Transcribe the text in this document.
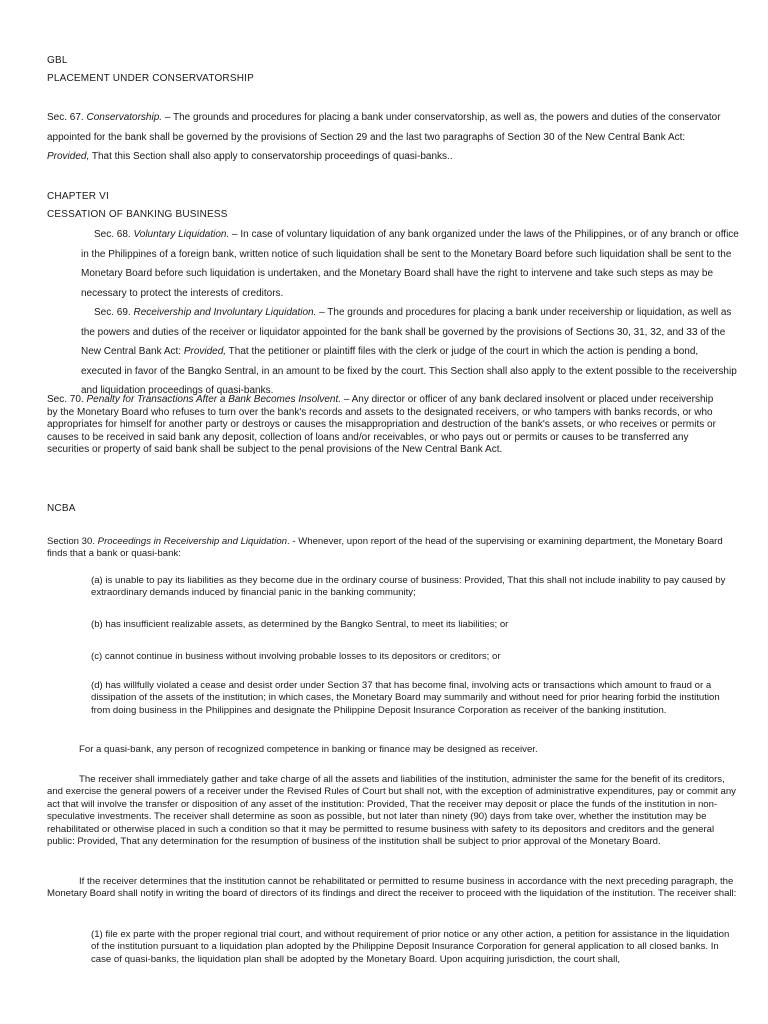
GBL
PLACEMENT UNDER CONSERVATORSHIP

Sec. 67. Conservatorship. – The grounds and procedures for placing a bank under conservatorship, as well as, the powers and duties of the conservator appointed for the bank shall be governed by the provisions of Section 29 and the last two paragraphs of Section 30 of the New Central Bank Act: Provided, That this Section shall also apply to conservatorship proceedings of quasi-banks..

CHAPTER VI
CESSATION OF BANKING BUSINESS

Sec. 68. Voluntary Liquidation. – In case of voluntary liquidation of any bank organized under the laws of the Philippines, or of any branch or office in the Philippines of a foreign bank, written notice of such liquidation shall be sent to the Monetary Board before such liquidation shall be sent to the Monetary Board before such liquidation is undertaken, and the Monetary Board shall have the right to intervene and take such steps as may be necessary to protect the interests of creditors.

Sec. 69. Receivership and Involuntary Liquidation. – The grounds and procedures for placing a bank under receivership or liquidation, as well as the powers and duties of the receiver or liquidator appointed for the bank shall be governed by the provisions of Sections 30, 31, 32, and 33 of the New Central Bank Act: Provided, That the petitioner or plaintiff files with the clerk or judge of the court in which the action is pending a bond, executed in favor of the Bangko Sentral, in an amount to be fixed by the court. This Section shall also apply to the extent possible to the receivership and liquidation proceedings of quasi-banks.

Sec. 70. Penalty for Transactions After a Bank Becomes Insolvent. – Any director or officer of any bank declared insolvent or placed under receivership by the Monetary Board who refuses to turn over the bank's records and assets to the designated receivers, or who tampers with banks records, or who appropriates for himself for another party or destroys or causes the misappropriation and destruction of the bank's assets, or who receives or permits or causes to be received in said bank any deposit, collection of loans and/or receivables, or who pays out or permits or causes to be transferred any securities or property of said bank shall be subject to the penal provisions of the New Central Bank Act.

NCBA

Section 30. Proceedings in Receivership and Liquidation. - Whenever, upon report of the head of the supervising or examining department, the Monetary Board finds that a bank or quasi-bank:

(a) is unable to pay its liabilities as they become due in the ordinary course of business: Provided, That this shall not include inability to pay caused by extraordinary demands induced by financial panic in the banking community;

(b) has insufficient realizable assets, as determined by the Bangko Sentral, to meet its liabilities; or

(c) cannot continue in business without involving probable losses to its depositors or creditors; or

(d) has willfully violated a cease and desist order under Section 37 that has become final, involving acts or transactions which amount to fraud or a dissipation of the assets of the institution; in which cases, the Monetary Board may summarily and without need for prior hearing forbid the institution from doing business in the Philippines and designate the Philippine Deposit Insurance Corporation as receiver of the banking institution.

For a quasi-bank, any person of recognized competence in banking or finance may be designed as receiver.

The receiver shall immediately gather and take charge of all the assets and liabilities of the institution, administer the same for the benefit of its creditors, and exercise the general powers of a receiver under the Revised Rules of Court but shall not, with the exception of administrative expenditures, pay or commit any act that will involve the transfer or disposition of any asset of the institution: Provided, That the receiver may deposit or place the funds of the institution in non-speculative investments. The receiver shall determine as soon as possible, but not later than ninety (90) days from take over, whether the institution may be rehabilitated or otherwise placed in such a condition so that it may be permitted to resume business with safety to its depositors and creditors and the general public: Provided, That any determination for the resumption of business of the institution shall be subject to prior approval of the Monetary Board.

If the receiver determines that the institution cannot be rehabilitated or permitted to resume business in accordance with the next preceding paragraph, the Monetary Board shall notify in writing the board of directors of its findings and direct the receiver to proceed with the liquidation of the institution. The receiver shall:

(1) file ex parte with the proper regional trial court, and without requirement of prior notice or any other action, a petition for assistance in the liquidation of the institution pursuant to a liquidation plan adopted by the Philippine Deposit Insurance Corporation for general application to all closed banks. In case of quasi-banks, the liquidation plan shall be adopted by the Monetary Board. Upon acquiring jurisdiction, the court shall,
